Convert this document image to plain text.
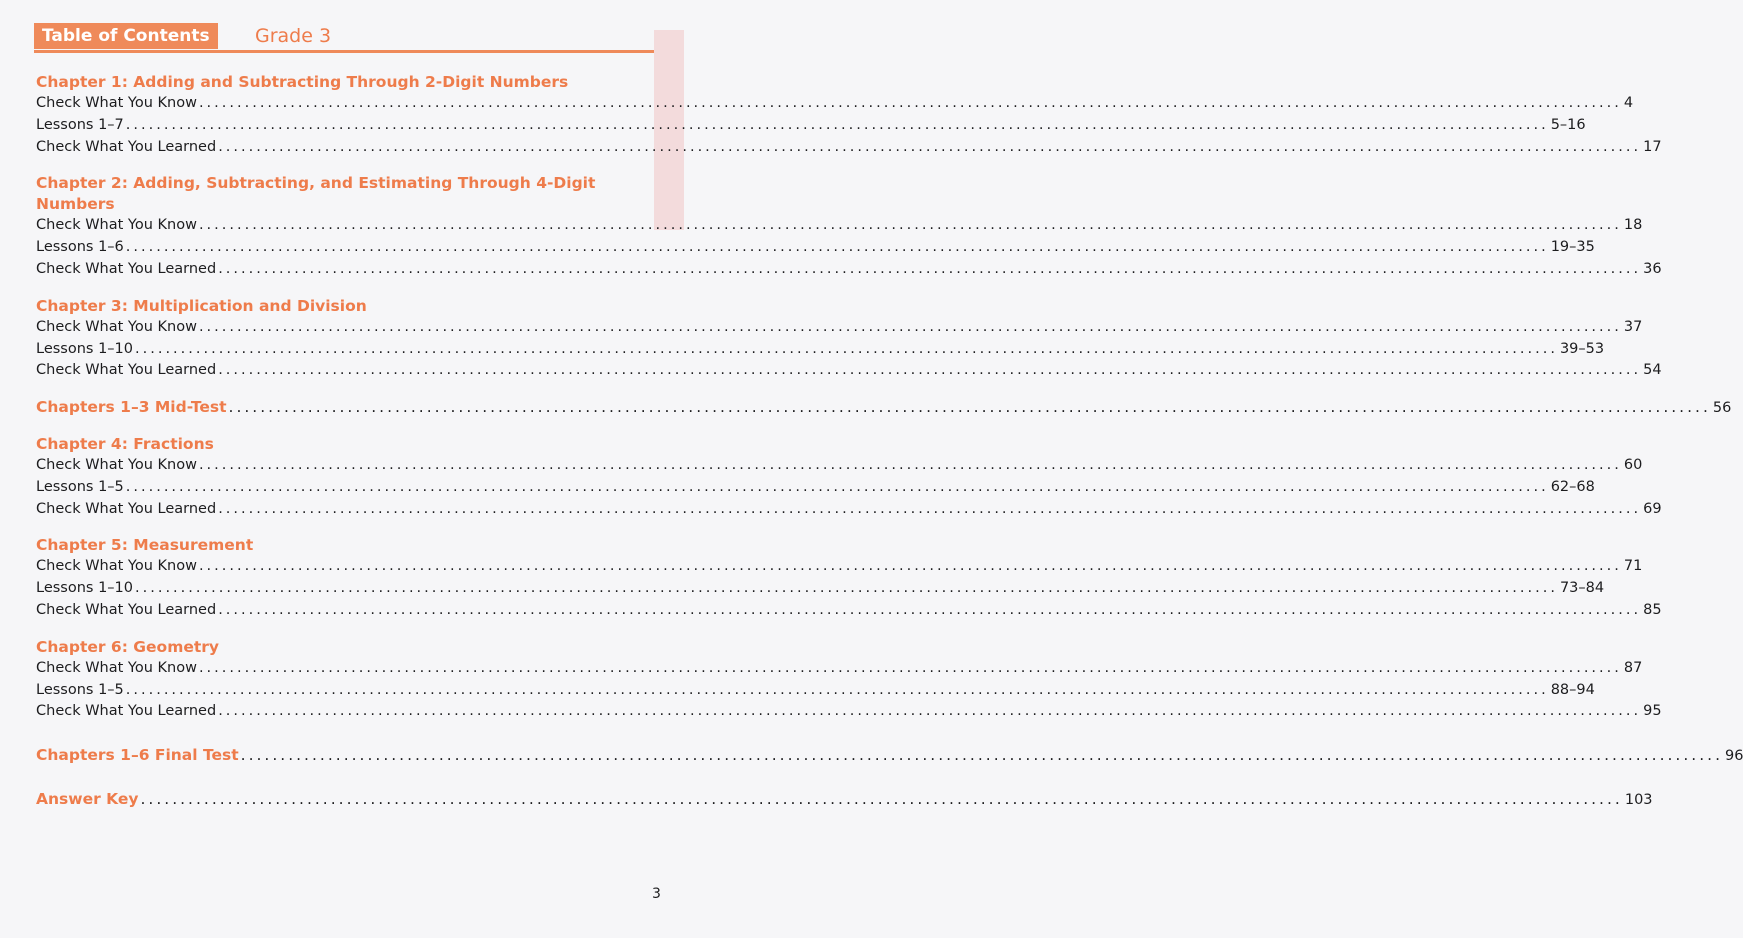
Table of Contents	Grade 3
Chapter 1: Adding and Subtracting Through 2-Digit Numbers
Check What You Know ........................................................................................................................................................................................... 4
Lessons 1–7 ........................................................................................................................................................................................... 5–16
Check What You Learned ........................................................................................................................................................................................... 17
Chapter 2: Adding, Subtracting, and Estimating Through 4-Digit Numbers
Check What You Know ........................................................................................................................................................................................... 18
Lessons 1–6 ........................................................................................................................................................................................... 19–35
Check What You Learned ........................................................................................................................................................................................... 36
Chapter 3: Multiplication and Division
Check What You Know ........................................................................................................................................................................................... 37
Lessons 1–10 ........................................................................................................................................................................................... 39–53
Check What You Learned ........................................................................................................................................................................................... 54
Chapters 1–3 Mid-Test ........................................................................................................................................................................................... 56
Chapter 4: Fractions
Check What You Know ........................................................................................................................................................................................... 60
Lessons 1–5 ........................................................................................................................................................................................... 62–68
Check What You Learned ........................................................................................................................................................................................... 69
Chapter 5: Measurement
Check What You Know ........................................................................................................................................................................................... 71
Lessons 1–10 ........................................................................................................................................................................................... 73–84
Check What You Learned ........................................................................................................................................................................................... 85
Chapter 6: Geometry
Check What You Know ........................................................................................................................................................................................... 87
Lessons 1–5 ........................................................................................................................................................................................... 88–94
Check What You Learned ........................................................................................................................................................................................... 95
Chapters 1–6 Final Test ........................................................................................................................................................................................... 96
Answer Key ........................................................................................................................................................................................... 103
3
